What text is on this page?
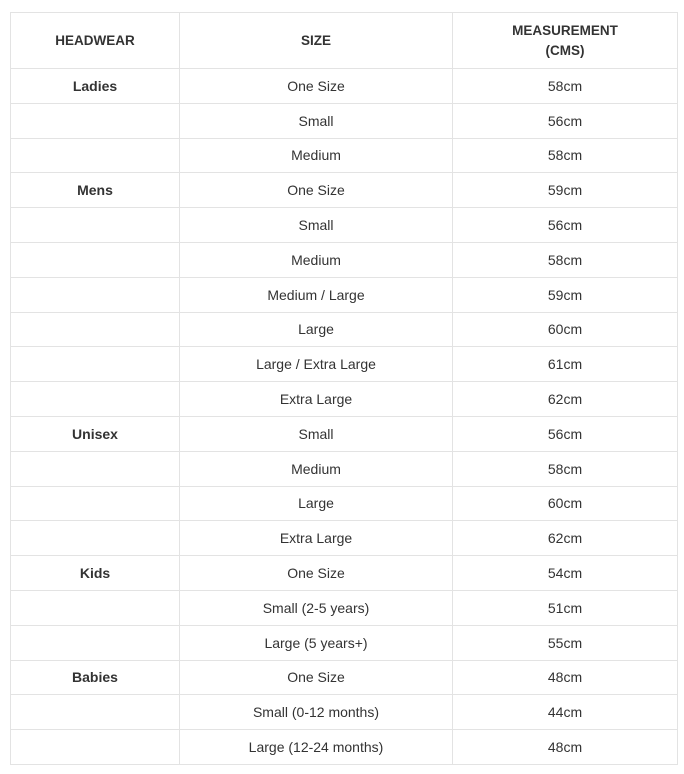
HEADWEAR	SIZE	MEASUREMENT (CMS)
Ladies	One Size	58cm
	Small	56cm
	Medium	58cm
Mens	One Size	59cm
	Small	56cm
	Medium	58cm
	Medium / Large	59cm
	Large	60cm
	Large / Extra Large	61cm
	Extra Large	62cm
Unisex	Small	56cm
	Medium	58cm
	Large	60cm
	Extra Large	62cm
Kids	One Size	54cm
	Small (2-5 years)	51cm
	Large (5 years+)	55cm
Babies	One Size	48cm
	Small (0-12 months)	44cm
	Large (12-24 months)	48cm
